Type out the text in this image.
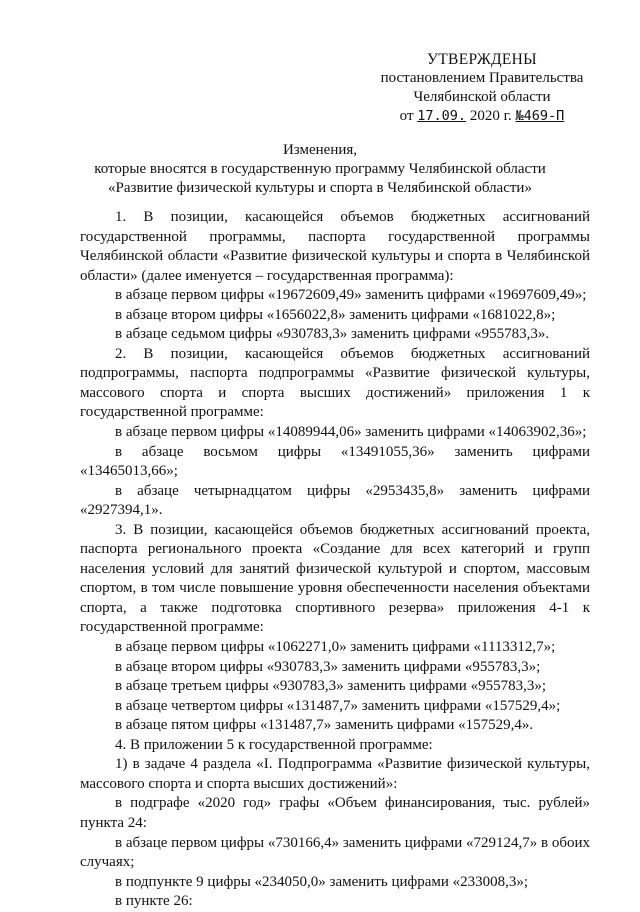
УТВЕРЖДЕНЫ
постановлением Правительства
Челябинской области
от 17.09. 2020 г. №469-П
Изменения,
которые вносятся в государственную программу Челябинской области
«Развитие физической культуры и спорта в Челябинской области»

1. В позиции, касающейся объемов бюджетных ассигнований государственной программы, паспорта государственной программы Челябинской области «Развитие физической культуры и спорта в Челябинской области» (далее именуется – государственная программа):

в абзаце первом цифры «19672609,49» заменить цифрами «19697609,49»;

в абзаце втором цифры «1656022,8» заменить цифрами «1681022,8»;

в абзаце седьмом цифры «930783,3» заменить цифрами «955783,3».

2. В позиции, касающейся объемов бюджетных ассигнований подпрограммы, паспорта подпрограммы «Развитие физической культуры, массового спорта и спорта высших достижений» приложения 1 к государственной программе:

в абзаце первом цифры «14089944,06» заменить цифрами «14063902,36»;

в абзаце восьмом цифры «13491055,36» заменить цифрами «13465013,66»;

в абзаце четырнадцатом цифры «2953435,8» заменить цифрами «2927394,1».

3. В позиции, касающейся объемов бюджетных ассигнований проекта, паспорта регионального проекта «Создание для всех категорий и групп населения условий для занятий физической культурой и спортом, массовым спортом, в том числе повышение уровня обеспеченности населения объектами спорта, а также подготовка спортивного резерва» приложения 4-1 к государственной программе:

в абзаце первом цифры «1062271,0» заменить цифрами «1113312,7»;

в абзаце втором цифры «930783,3» заменить цифрами «955783,3»;

в абзаце третьем цифры «930783,3» заменить цифрами «955783,3»;

в абзаце четвертом цифры «131487,7» заменить цифрами «157529,4»;

в абзаце пятом цифры «131487,7» заменить цифрами «157529,4».

4. В приложении 5 к государственной программе:

1) в задаче 4 раздела «I. Подпрограмма «Развитие физической культуры, массового спорта и спорта высших достижений»:

в подграфе «2020 год» графы «Объем финансирования, тыс. рублей» пункта 24:

в абзаце первом цифры «730166,4» заменить цифрами «729124,7» в обоих случаях;

в подпункте 9 цифры «234050,0» заменить цифрами «233008,3»;

в пункте 26:
